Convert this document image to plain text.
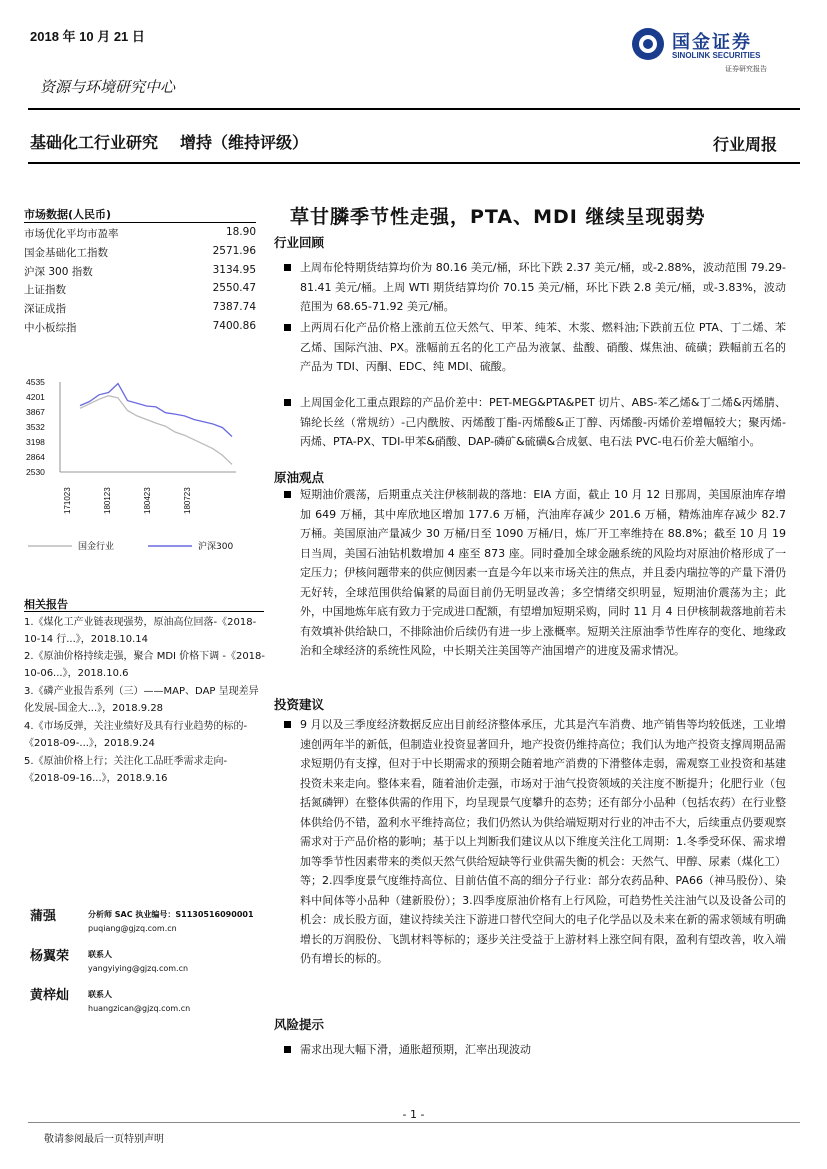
2018 年 10 月 21 日	国金证券
SINOLINK SECURITIES
证券研究报告
资源与环境研究中心
基础化工行业研究 增持（维持评级）	行业周报
市场数据(人民币)
市场优化平均市盈率	18.90
国金基础化工指数	2571.96
沪深 300 指数	3134.95
上证指数	2550.47
深证成指	7387.74
中小板综指	7400.86
4535
4201
3867
3532
3198
2864
2530
171023	180123	180423	180723
国金行业	沪深300
相关报告
1.《煤化工产业链表现强势，原油高位回落-《2018-10-14 行...》，2018.10.14
2.《原油价格持续走强，聚合 MDI 价格下调 -《2018-10-06...》，2018.10.6
3.《磷产业报告系列（三）——MAP、DAP 呈现差异化发展-国金大...》，2018.9.28
4.《市场反弹，关注业绩好及具有行业趋势的标的-《2018-09-...》，2018.9.24
5.《原油价格上行；关注化工品旺季需求走向-《2018-09-16...》，2018.9.16
蒲强	分析师 SAC 执业编号：S1130516090001
puqiang@gjzq.com.cn
杨翼荣 联系人
yangyiying@gjzq.com.cn
黄梓灿 联系人
huangzican@gjzq.com.cn
草甘膦季节性走强，PTA、MDI 继续呈现弱势
行业回顾
上周布伦特期货结算均价为 80.16 美元/桶，环比下跌 2.37 美元/桶，或-2.88%，波动范围 79.29-81.41 美元/桶。上周 WTI 期货结算均价 70.15 美元/桶，环比下跌 2.8 美元/桶，或-3.83%，波动范围为 68.65-71.92 美元/桶。
上两周石化产品价格上涨前五位天然气、甲苯、纯苯、木浆、燃料油;下跌前五位 PTA、丁二烯、苯乙烯、国际汽油、PX。涨幅前五名的化工产品为液氯、盐酸、硝酸、煤焦油、硫磺；跌幅前五名的产品为 TDI、丙酮、EDC、纯 MDI、硫酸。
上周国金化工重点跟踪的产品价差中：PET-MEG&PTA&PET 切片、ABS-苯乙烯&丁二烯&丙烯腈、锦纶长丝（常规纺）-己内酰胺、丙烯酸丁酯-丙烯酸&正丁醇、丙烯酸-丙烯价差增幅较大；聚丙烯-丙烯、PTA-PX、TDI-甲苯&硝酸、DAP-磷矿&硫磺&合成氨、电石法 PVC-电石价差大幅缩小。
原油观点
短期油价震荡，后期重点关注伊核制裁的落地：EIA 方面，截止 10 月 12 日那周，美国原油库存增加 649 万桶，其中库欣地区增加 177.6 万桶，汽油库存减少 201.6 万桶，精炼油库存减少 82.7 万桶。美国原油产量减少 30 万桶/日至 1090 万桶/日，炼厂开工率维持在 88.8%；截至 10 月 19 日当周，美国石油钻机数增加 4 座至 873 座。同时叠加全球金融系统的风险均对原油价格形成了一定压力；伊核问题带来的供应侧因素一直是今年以来市场关注的焦点，并且委内瑞拉等的产量下滑仍无好转，全球范围供给偏紧的局面目前仍无明显改善；多空情绪交织明显，短期油价震荡为主；此外，中国地炼年底有致力于完成进口配额，有望增加短期采购，同时 11 月 4 日伊核制裁落地前若未有效填补供给缺口，不排除油价后续仍有进一步上涨概率。短期关注原油季节性库存的变化、地缘政治和全球经济的系统性风险，中长期关注美国等产油国增产的进度及需求情况。
投资建议
9 月以及三季度经济数据反应出目前经济整体承压，尤其是汽车消费、地产销售等均较低迷，工业增速创两年半的新低，但制造业投资显著回升，地产投资仍维持高位；我们认为地产投资支撑周期品需求短期仍有支撑，但对于中长期需求的预期会随着地产消费的下滑整体走弱，需观察工业投资和基建投资未来走向。整体来看，随着油价走强，市场对于油气投资领域的关注度不断提升；化肥行业（包括氮磷钾）在整体供需的作用下，均呈现景气度攀升的态势；还有部分小品种（包括农药）在行业整体供给仍不错，盈利水平维持高位；我们仍然认为供给端短期对行业的冲击不大，后续重点仍要观察需求对于产品价格的影响；基于以上判断我们建议从以下维度关注化工周期：1.冬季受环保、需求增加等季节性因素带来的类似天然气供给短缺等行业供需失衡的机会：天然气、甲醇、尿素（煤化工）等；2.四季度景气度维持高位、目前估值不高的细分子行业：部分农药品种、PA66（神马股份）、染料中间体等小品种（建新股份）；3.四季度原油价格有上行风险，可趋势性关注油气以及设备公司的机会：成长股方面，建议持续关注下游进口替代空间大的电子化学品以及未来在新的需求领域有明确增长的万润股份、飞凯材料等标的；逐步关注受益于上游材料上涨空间有限，盈利有望改善，收入端仍有增长的标的。
风险提示
需求出现大幅下滑，通胀超预期，汇率出现波动
- 1 -
敬请参阅最后一页特别声明
